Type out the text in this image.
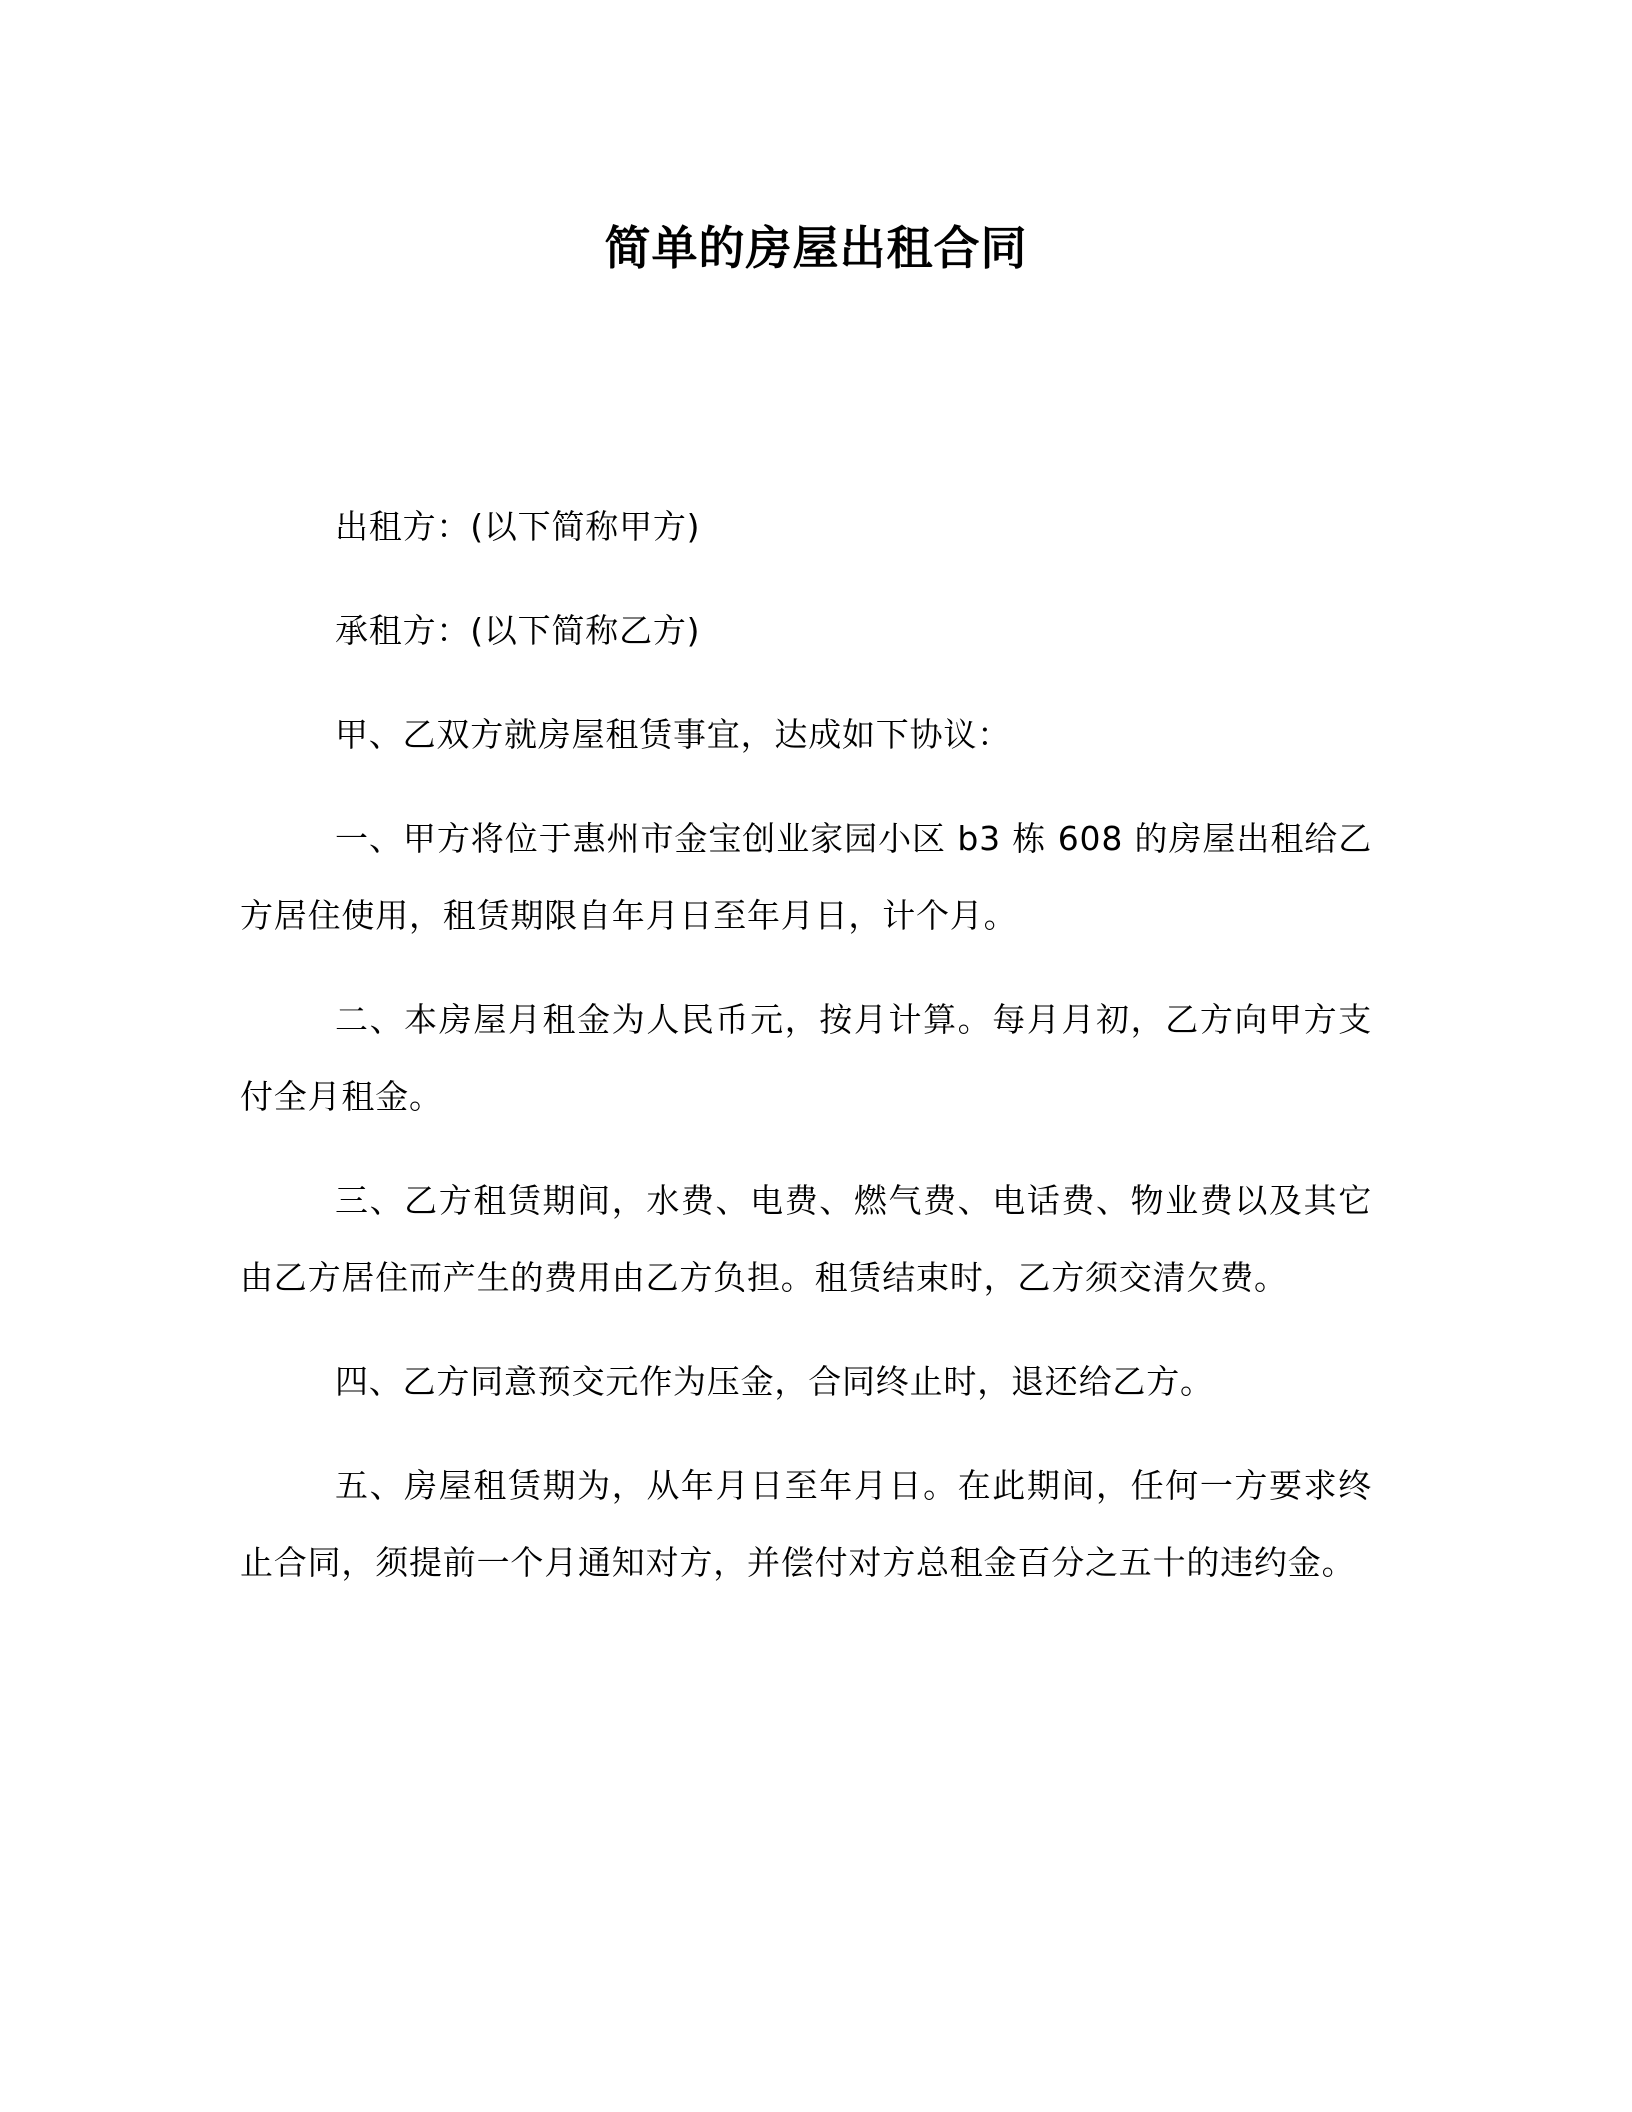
简单的房屋出租合同

出租方：(以下简称甲方)

承租方：(以下简称乙方)

甲、乙双方就房屋租赁事宜，达成如下协议：

一、甲方将位于惠州市金宝创业家园小区 b3 栋 608 的房屋出租给乙方居住使用，租赁期限自年月日至年月日，计个月。

二、本房屋月租金为人民币元，按月计算。每月月初，乙方向甲方支付全月租金。

三、乙方租赁期间，水费、电费、燃气费、电话费、物业费以及其它由乙方居住而产生的费用由乙方负担。租赁结束时，乙方须交清欠费。

四、乙方同意预交元作为压金，合同终止时，退还给乙方。

五、房屋租赁期为，从年月日至年月日。在此期间，任何一方要求终止合同，须提前一个月通知对方，并偿付对方总租金百分之五十的违约金。
